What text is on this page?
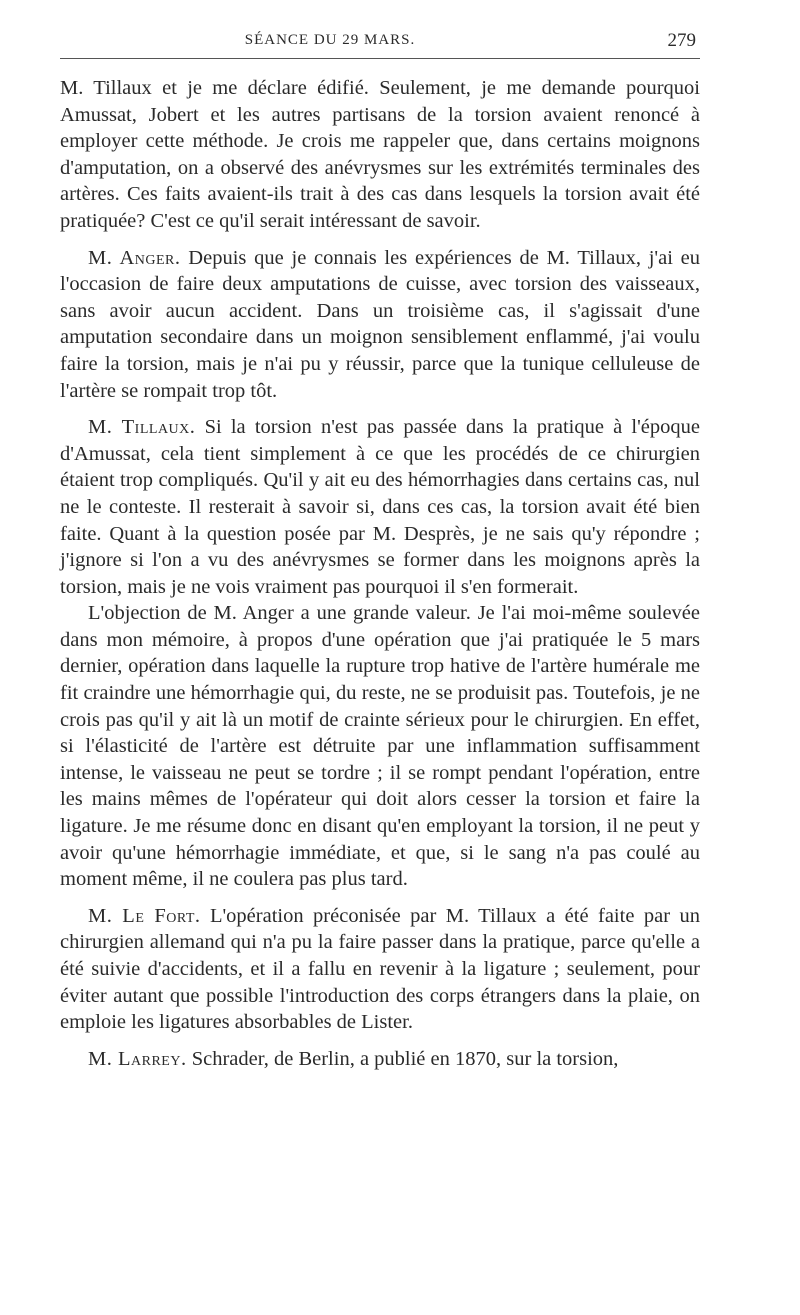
SÉANCE DU 29 MARS.	279

M. Tillaux et je me déclare édifié. Seulement, je me demande pourquoi Amussat, Jobert et les autres partisans de la torsion avaient renoncé à employer cette méthode. Je crois me rappeler que, dans certains moignons d'amputation, on a observé des anévrysmes sur les extrémités terminales des artères. Ces faits avaient-ils trait à des cas dans lesquels la torsion avait été pratiquée? C'est ce qu'il serait intéressant de savoir.

M. Anger. Depuis que je connais les expériences de M. Tillaux, j'ai eu l'occasion de faire deux amputations de cuisse, avec torsion des vaisseaux, sans avoir aucun accident. Dans un troisième cas, il s'agissait d'une amputation secondaire dans un moignon sensiblement enflammé, j'ai voulu faire la torsion, mais je n'ai pu y réussir, parce que la tunique celluleuse de l'artère se rompait trop tôt.

M. Tillaux. Si la torsion n'est pas passée dans la pratique à l'époque d'Amussat, cela tient simplement à ce que les procédés de ce chirurgien étaient trop compliqués. Qu'il y ait eu des hémorrhagies dans certains cas, nul ne le conteste. Il resterait à savoir si, dans ces cas, la torsion avait été bien faite. Quant à la question posée par M. Desprès, je ne sais qu'y répondre ; j'ignore si l'on a vu des anévrysmes se former dans les moignons après la torsion, mais je ne vois vraiment pas pourquoi il s'en formerait.

L'objection de M. Anger a une grande valeur. Je l'ai moi-même soulevée dans mon mémoire, à propos d'une opération que j'ai pratiquée le 5 mars dernier, opération dans laquelle la rupture trop hative de l'artère humérale me fit craindre une hémorrhagie qui, du reste, ne se produisit pas. Toutefois, je ne crois pas qu'il y ait là un motif de crainte sérieux pour le chirurgien. En effet, si l'élasticité de l'artère est détruite par une inflammation suffisamment intense, le vaisseau ne peut se tordre ; il se rompt pendant l'opération, entre les mains mêmes de l'opérateur qui doit alors cesser la torsion et faire la ligature. Je me résume donc en disant qu'en employant la torsion, il ne peut y avoir qu'une hémorrhagie immédiate, et que, si le sang n'a pas coulé au moment même, il ne coulera pas plus tard.

M. Le Fort. L'opération préconisée par M. Tillaux a été faite par un chirurgien allemand qui n'a pu la faire passer dans la pratique, parce qu'elle a été suivie d'accidents, et il a fallu en revenir à la ligature ; seulement, pour éviter autant que possible l'introduction des corps étrangers dans la plaie, on emploie les ligatures absorbables de Lister.

M. Larrey. Schrader, de Berlin, a publié en 1870, sur la torsion,
